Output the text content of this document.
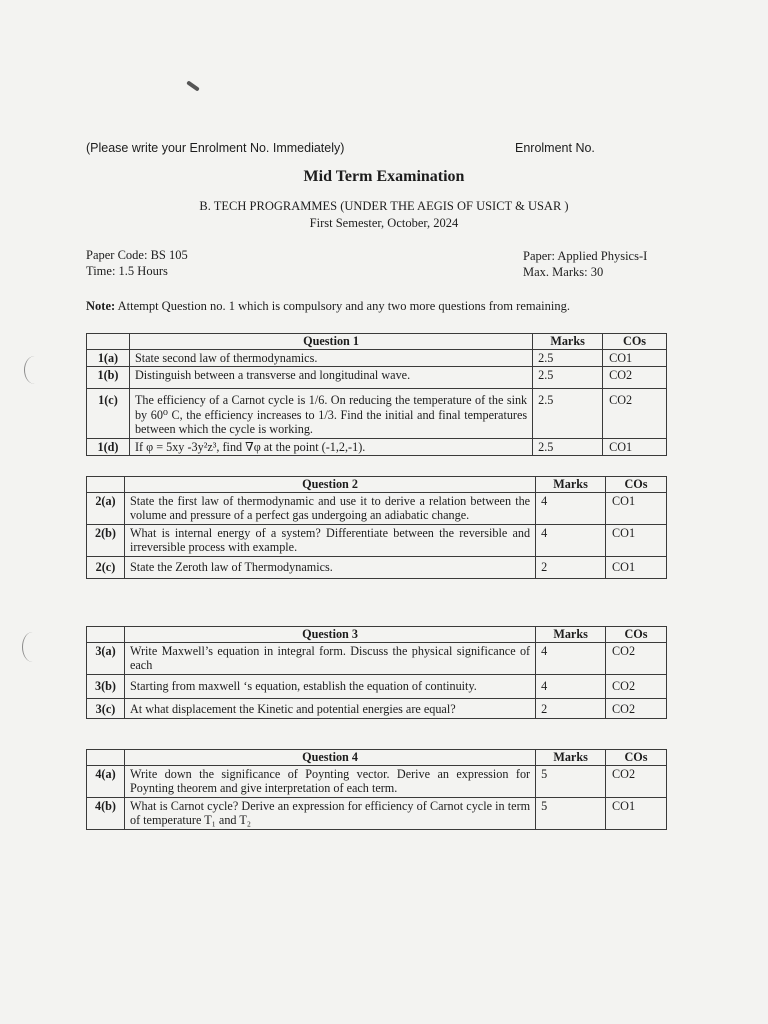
(Please write your Enrolment No. Immediately)	Enrolment No.
Mid Term Examination
B. TECH PROGRAMMES (UNDER THE AEGIS OF USICT & USAR )
First Semester, October, 2024
Paper Code: BS 105
Time: 1.5 Hours
Paper: Applied Physics-I
Max. Marks: 30
Note: Attempt Question no. 1 which is compulsory and any two more questions from remaining.
	Question 1	Marks	COs
1(a)	State second law of thermodynamics.	2.5	CO1
1(b)	Distinguish between a transverse and longitudinal wave.	2.5	CO2
1(c)	The efficiency of a Carnot cycle is 1/6. On reducing the temperature of the sink by 60⁰ C, the efficiency increases to 1/3. Find the initial and final temperatures between which the cycle is working.	2.5	CO2
1(d)	If φ = 5xy -3y²z³, find ∇φ at the point (-1,2,-1).	2.5	CO1
	Question 2	Marks	COs
2(a)	State the first law of thermodynamic and use it to derive a relation between the volume and pressure of a perfect gas undergoing an adiabatic change.	4	CO1
2(b)	What is internal energy of a system? Differentiate between the reversible and irreversible process with example.	4	CO1
2(c)	State the Zeroth law of Thermodynamics.	2	CO1
	Question 3	Marks	COs
3(a)	Write Maxwell’s equation in integral form. Discuss the physical significance of each	4	CO2
3(b)	Starting from maxwell ‘s equation, establish the equation of continuity.	4	CO2
3(c)	At what displacement the Kinetic and potential energies are equal?	2	CO2
	Question 4	Marks	COs
4(a)	Write down the significance of Poynting vector. Derive an expression for Poynting theorem and give interpretation of each term.	5	CO2
4(b)	What is Carnot cycle? Derive an expression for efficiency of Carnot cycle in term of temperature T₁ and T₂	5	CO1
